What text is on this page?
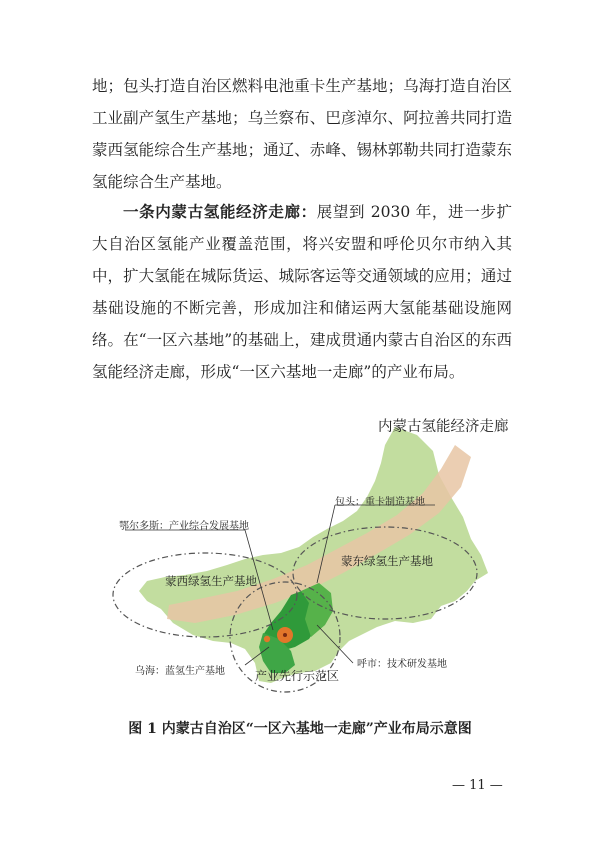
地；包头打造自治区燃料电池重卡生产基地；乌海打造自治区工业副产氢生产基地；乌兰察布、巴彦淖尔、阿拉善共同打造蒙西氢能综合生产基地；通辽、赤峰、锡林郭勒共同打造蒙东氢能综合生产基地。

一条内蒙古氢能经济走廊：展望到 2030 年，进一步扩大自治区氢能产业覆盖范围，将兴安盟和呼伦贝尔市纳入其中，扩大氢能在城际货运、城际客运等交通领域的应用；通过基础设施的不断完善，形成加注和储运两大氢能基础设施网络。在“一区六基地”的基础上，建成贯通内蒙古自治区的东西氢能经济走廊，形成“一区六基地一走廊”的产业布局。

内蒙古氢能经济走廊
包头：重卡制造基地
鄂尔多斯：产业综合发展基地
蒙东绿氢生产基地
蒙西绿氢生产基地
乌海：蓝氢生产基地
呼市：技术研发基地
产业先行示范区
图 1 内蒙古自治区“一区六基地一走廊”产业布局示意图
— 11 —
